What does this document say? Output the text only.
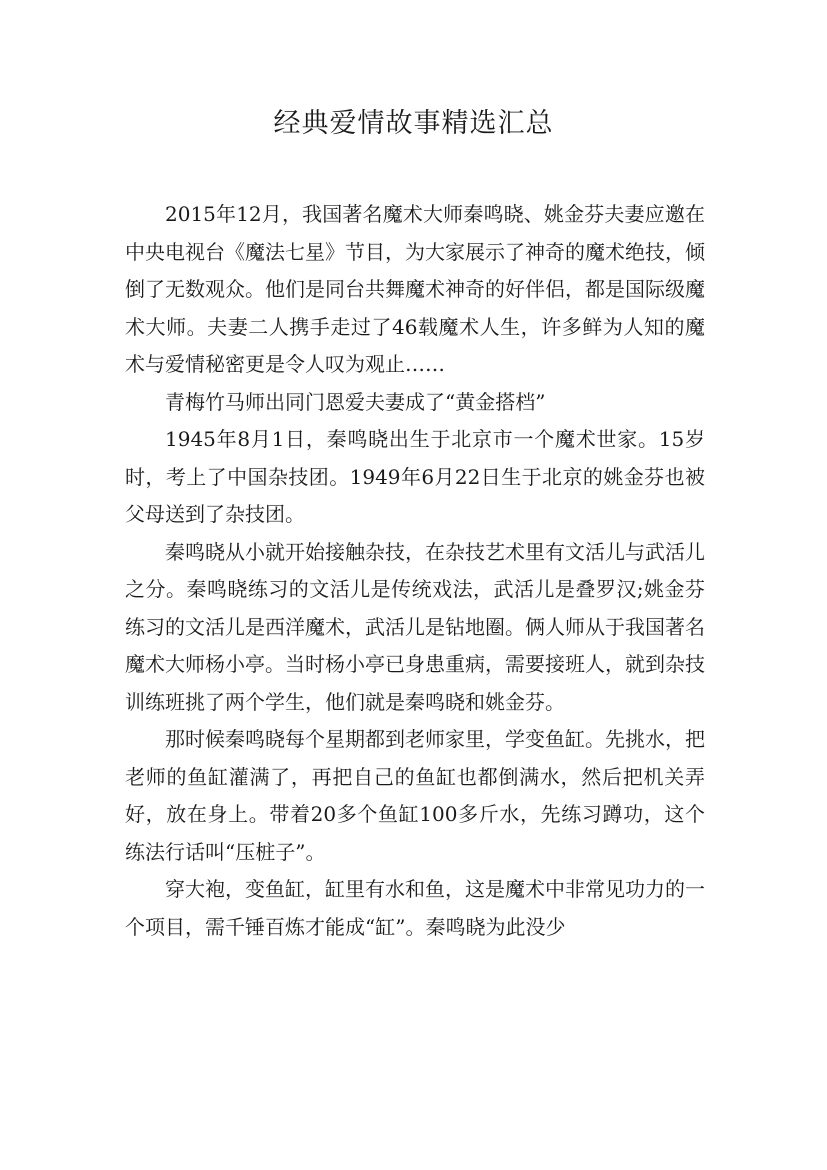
经典爱情故事精选汇总

2015年12月，我国著名魔术大师秦鸣晓、姚金芬夫妻应邀在中央电视台《魔法七星》节目，为大家展示了神奇的魔术绝技，倾倒了无数观众。他们是同台共舞魔术神奇的好伴侣，都是国际级魔术大师。夫妻二人携手走过了46载魔术人生，许多鲜为人知的魔术与爱情秘密更是令人叹为观止……

青梅竹马师出同门恩爱夫妻成了“黄金搭档”

1945年8月1日，秦鸣晓出生于北京市一个魔术世家。15岁时，考上了中国杂技团。1949年6月22日生于北京的姚金芬也被父母送到了杂技团。

秦鸣晓从小就开始接触杂技，在杂技艺术里有文活儿与武活儿之分。秦鸣晓练习的文活儿是传统戏法，武活儿是叠罗汉;姚金芬练习的文活儿是西洋魔术，武活儿是钻地圈。俩人师从于我国著名魔术大师杨小亭。当时杨小亭已身患重病，需要接班人，就到杂技训练班挑了两个学生，他们就是秦鸣晓和姚金芬。

那时候秦鸣晓每个星期都到老师家里，学变鱼缸。先挑水，把老师的鱼缸灌满了，再把自己的鱼缸也都倒满水，然后把机关弄好，放在身上。带着20多个鱼缸100多斤水，先练习蹲功，这个练法行话叫“压桩子”。

穿大袍，变鱼缸，缸里有水和鱼，这是魔术中非常见功力的一个项目，需千锤百炼才能成“缸”。秦鸣晓为此没少
